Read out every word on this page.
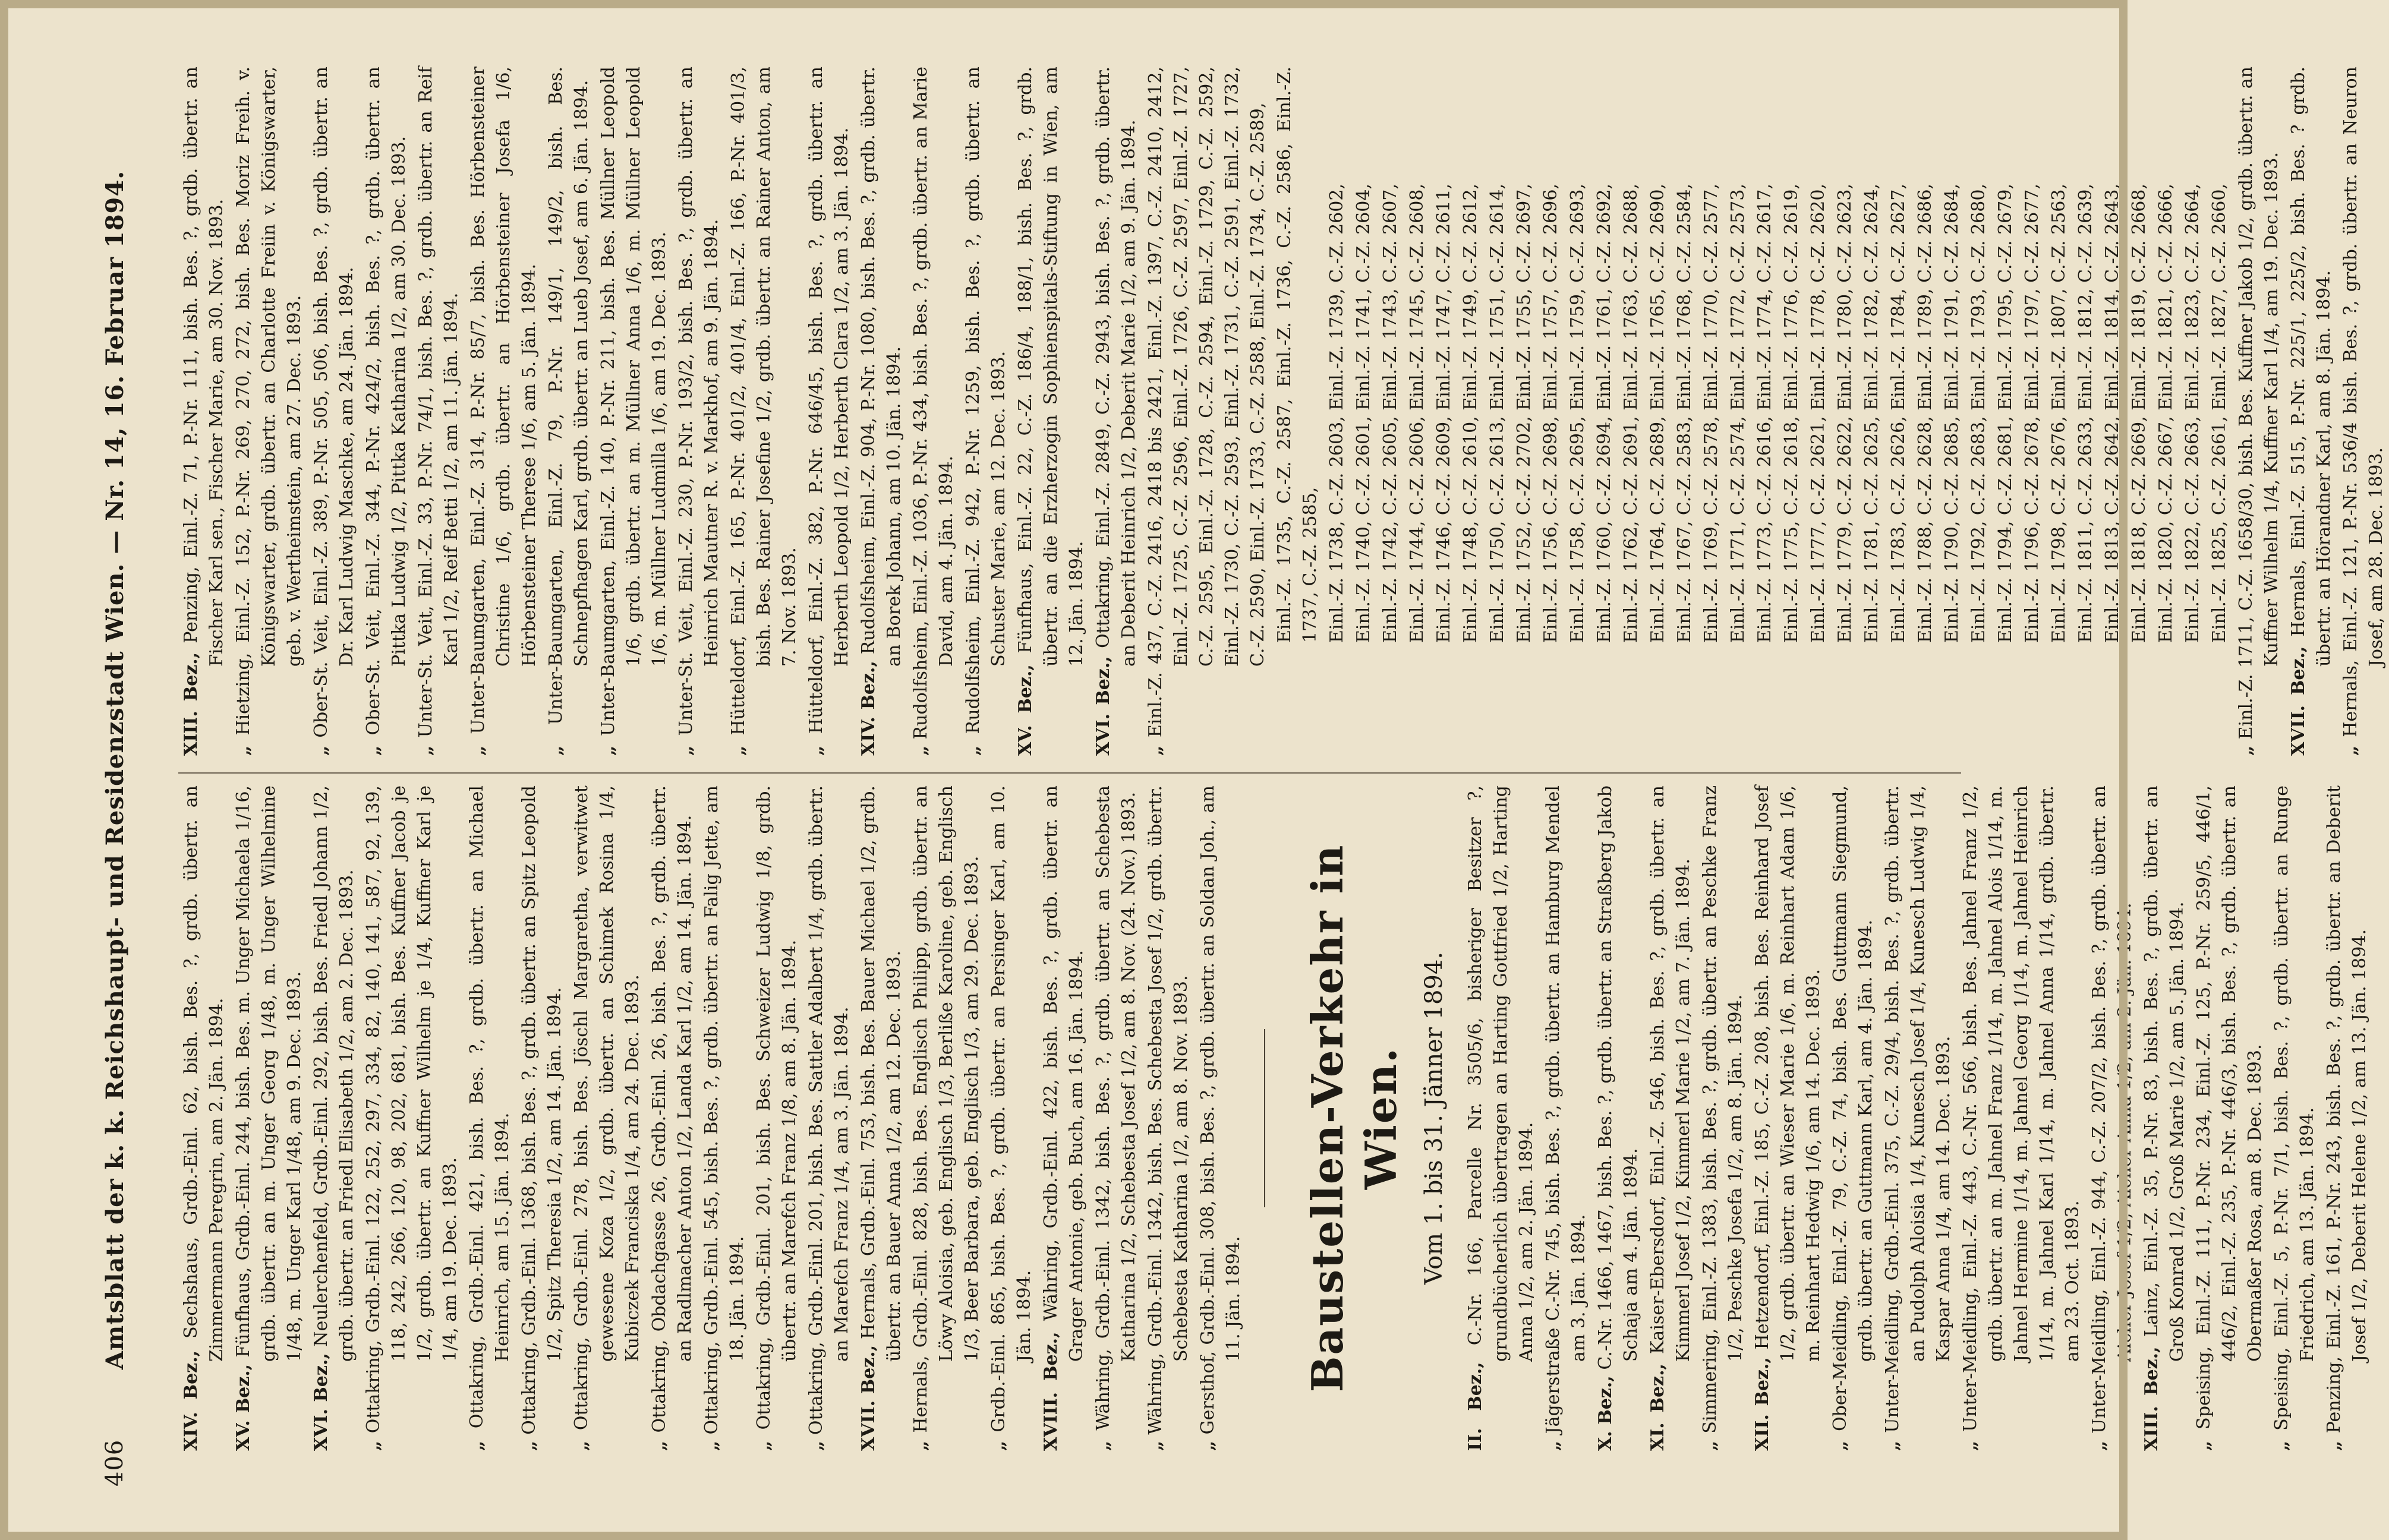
406
Amtsblatt der k. k. Reichshaupt- und Residenzstadt Wien. — Nr. 14, 16. Februar 1894.

XIV. Bez., Sechshaus, Grdb.-Einl. 62, bish. Bes. ?, grdb. übertr. an Zimmermann Peregrin, am 2. Jän. 1894.

XV. Bez., Fünfhaus, Grdb.-Einl. 244, bish. Bes. m. Unger Michaela 1/16, grdb. übertr. an m. Unger Georg 1/48, m. Unger Wilhelmine 1/48, m. Unger Karl 1/48, am 9. Dec. 1893.

XVI. Bez., Neulerchenfeld, Grdb.-Einl. 292, bish. Bes. Friedl Johann 1/2, grdb. übertr. an Friedl Elisabeth 1/2, am 2. Dec. 1893.

„ Ottakring, Grdb.-Einl. 122, 252, 297, 334, 82, 140, 141, 587, 92, 139, 118, 242, 266, 120, 98, 202, 681, bish. Bes. Kuffner Jacob je 1/2, grdb. übertr. an Kuffner Wilhelm je 1/4, Kuffner Karl je 1/4, am 19. Dec. 1893.

„ Ottakring, Grdb.-Einl. 421, bish. Bes. ?, grdb. übertr. an Michael Heinrich, am 15. Jän. 1894.

„ Ottakring, Grdb.-Einl. 1368, bish. Bes. ?, grdb. übertr. an Spitz Leopold 1/2, Spitz Theresia 1/2, am 14. Jän. 1894.

„ Ottakring, Grdb.-Einl. 278, bish. Bes. Jöschl Margaretha, verwitwet gewesene Koza 1/2, grdb. übertr. an Schimek Rosina 1/4, Kubiczek Franciska 1/4, am 24. Dec. 1893.

„ Ottakring, Obdachgasse 26, Grdb.-Einl. 26, bish. Bes. ?, grdb. übertr. an Radlmacher Anton 1/2, Landa Karl 1/2, am 14. Jän. 1894.

„ Ottakring, Grdb.-Einl. 545, bish. Bes. ?, grdb. übertr. an Falig Jette, am 18. Jän. 1894.

„ Ottakring, Grdb.-Einl. 201, bish. Bes. Schweizer Ludwig 1/8, grdb. übertr. an Marefch Franz 1/8, am 8. Jän. 1894.

„ Ottakring, Grdb.-Einl. 201, bish. Bes. Sattler Adalbert 1/4, grdb. übertr. an Marefch Franz 1/4, am 3. Jän. 1894.

XVII. Bez., Hernals, Grdb.-Einl. 753, bish. Bes. Bauer Michael 1/2, grdb. übertr. an Bauer Anna 1/2, am 12. Dec. 1893.

„ Hernals, Grdb.-Einl. 828, bish. Bes. Englisch Philipp, grdb. übertr. an Löwy Aloisia, geb. Englisch 1/3, Berliße Karoline, geb. Englisch 1/3, Beer Barbara, geb. Englisch 1/3, am 29. Dec. 1893.

„ Grdb.-Einl. 865, bish. Bes. ?, grdb. übertr. an Persinger Karl, am 10. Jän. 1894.

XVIII. Bez., Währing, Grdb.-Einl. 422, bish. Bes. ?, grdb. übertr. an Grager Antonie, geb. Buch, am 16. Jän. 1894.

„ Währing, Grdb.-Einl. 1342, bish. Bes. ?, grdb. übertr. an Schebesta Katharina 1/2, Schebesta Josef 1/2, am 8. Nov. (24. Nov.) 1893.

„ Währing, Grdb.-Einl. 1342, bish. Bes. Schebesta Josef 1/2, grdb. übertr. Schebesta Katharina 1/2, am 8. Nov. 1893.

„ Gersthof, Grdb.-Einl. 308, bish. Bes. ?, grdb. übertr. an Soldan Joh., am 11. Jän. 1894. Baustellen-Verkehr in Wien. Vom 1. bis 31. Jänner 1894.

II. Bez., C.-Nr. 166, Parcelle Nr. 3505/6, bisheriger Besitzer ?, grundbücherlich übertragen an Harting Gottfried 1/2, Harting Anna 1/2, am 2. Jän. 1894.

„ Jägerstraße C.-Nr. 745, bish. Bes. ?, grdb. übertr. an Hamburg Mendel am 3. Jän. 1894.

X. Bez., C.-Nr. 1466, 1467, bish. Bes. ?, grdb. übertr. an Straßberg Jakob Schaja am 4. Jän. 1894.

XI. Bez., Kaiser-Ebersdorf, Einl.-Z. 546, bish. Bes. ?, grdb. übertr. an Kimmerl Josef 1/2, Kimmerl Marie 1/2, am 7. Jän. 1894.

„ Simmering, Einl.-Z. 1383, bish. Bes. ?, grdb. übertr. an Peschke Franz 1/2, Peschke Josefa 1/2, am 8. Jän. 1894.

XII. Bez., Hetzendorf, Einl.-Z. 185, C.-Z. 208, bish. Bes. Reinhard Josef 1/2, grdb. übertr. an Wieser Marie 1/6, m. Reinhart Adam 1/6, m. Reinhart Hedwig 1/6, am 14. Dec. 1893.

„ Ober-Meidling, Einl.-Z. 79, C.-Z. 74, bish. Bes. Guttmann Siegmund, grdb. übertr. an Guttmann Karl, am 4. Jän. 1894.

„ Unter-Meidling, Grdb.-Einl. 375, C.-Z. 29/4, bish. Bes. ?, grdb. übertr. an Pudolph Aloisia 1/4, Kunesch Josef 1/4, Kunesch Ludwig 1/4, Kaspar Anna 1/4, am 14. Dec. 1893.

„ Unter-Meidling, Einl.-Z. 443, C.-Nr. 566, bish. Bes. Jahnel Franz 1/2, grdb. übertr. an m. Jahnel Franz 1/14, m. Jahnel Alois 1/14, m. Jahnel Hermine 1/14, m. Jahnel Georg 1/14, m. Jahnel Heinrich 1/14, m. Jahnel Karl 1/14, m. Jahnel Anna 1/14, grdb. übertr. am 23. Oct. 1893.

„ Unter-Meidling, Einl.-Z. 944, C.-Z. 207/2, bish. Bes. ?, grdb. übertr. an Aicher Josef 1/2, Aicher Anna 1/2, am 2. Jän. 1894.

XIII. Bez., Lainz, Einl.-Z. 35, P.-Nr. 83, bish. Bes. ?, grdb. übertr. an Groß Konrad 1/2, Groß Marie 1/2, am 5. Jän. 1894.

„ Speising, Einl.-Z. 111, P.-Nr. 234, Einl.-Z. 125, P.-Nr. 259/5, 446/1, 446/2, Einl.-Z. 235, P.-Nr. 446/3, bish. Bes. ?, grdb. übertr. an Obermaßer Rosa, am 8. Dec. 1893.

„ Speising, Einl.-Z. 5, P.-Nr. 7/1, bish. Bes. ?, grdb. übertr. an Runge Friedrich, am 13. Jän. 1894.

„ Penzing, Einl.-Z. 161, P.-Nr. 243, bish. Bes. ?, grdb. übertr. an Deberit Josef 1/2, Deberit Helene 1/2, am 13. Jän. 1894.

XIII. Bez., Penzing, Einl.-Z. 71, P.-Nr. 111, bish. Bes. ?, grdb. übertr. an Fischer Karl sen., Fischer Marie, am 30. Nov. 1893.

„ Hietzing, Einl.-Z. 152, P.-Nr. 269, 270, 272, bish. Bes. Moriz Freih. v. Königswarter, grdb. übertr. an Charlotte Freiin v. Königswarter, geb. v. Wertheimstein, am 27. Dec. 1893.

„ Ober-St. Veit, Einl.-Z. 389, P.-Nr. 505, 506, bish. Bes. ?, grdb. übertr. an Dr. Karl Ludwig Maschke, am 24. Jän. 1894.

„ Ober-St. Veit, Einl.-Z. 344, P.-Nr. 424/2, bish. Bes. ?, grdb. übertr. an Pittka Ludwig 1/2, Pittka Katharina 1/2, am 30. Dec. 1893.

„ Unter-St. Veit, Einl.-Z. 33, P.-Nr. 74/1, bish. Bes. ?, grdb. übertr. an Reif Karl 1/2, Reif Betti 1/2, am 11. Jän. 1894.

„ Unter-Baumgarten, Einl.-Z. 314, P.-Nr. 85/7, bish. Bes. Hörbensteiner Christine 1/6, grdb. übertr. an Hörbensteiner Josefa 1/6, Hörbensteiner Therese 1/6, am 5. Jän. 1894.

„ Unter-Baumgarten, Einl.-Z. 79, P.-Nr. 149/1, 149/2, bish. Bes. Schnepfhagen Karl, grdb. übertr. an Lueb Josef, am 6. Jän. 1894.

„ Unter-Baumgarten, Einl.-Z. 140, P.-Nr. 211, bish. Bes. Müllner Leopold 1/6, grdb. übertr. an m. Müllner Anna 1/6, m. Müllner Leopold 1/6, m. Müllner Ludmilla 1/6, am 19. Dec. 1893.

„ Unter-St. Veit, Einl.-Z. 230, P.-Nr. 193/2, bish. Bes. ?, grdb. übertr. an Heinrich Mautner R. v. Markhof, am 9. Jän. 1894.

„ Hütteldorf, Einl.-Z. 165, P.-Nr. 401/2, 401/4, Einl.-Z. 166, P.-Nr. 401/3, bish. Bes. Rainer Josefine 1/2, grdb. übertr. an Rainer Anton, am 7. Nov. 1893.

„ Hütteldorf, Einl.-Z. 382, P.-Nr. 646/45, bish. Bes. ?, grdb. übertr. an Herberth Leopold 1/2, Herberth Clara 1/2, am 3. Jän. 1894.

XIV. Bez., Rudolfsheim, Einl.-Z. 904, P.-Nr. 1080, bish. Bes. ?, grdb. übertr. an Borek Johann, am 10. Jän. 1894.

„ Rudolfsheim, Einl.-Z. 1036, P.-Nr. 434, bish. Bes. ?, grdb. übertr. an Marie David, am 4. Jän. 1894.

„ Rudolfsheim, Einl.-Z. 942, P.-Nr. 1259, bish. Bes. ?, grdb. übertr. an Schuster Marie, am 12. Dec. 1893.

XV. Bez., Fünfhaus, Einl.-Z. 22, C.-Z. 186/4, 188/1, bish. Bes. ?, grdb. übertr. an die Erzherzogin Sophienspitals-Stiftung in Wien, am 12. Jän. 1894.

XVI. Bez., Ottakring, Einl.-Z. 2849, C.-Z. 2943, bish. Bes. ?, grdb. übertr. an Deberit Heinrich 1/2, Deberit Marie 1/2, am 9. Jän. 1894.

„ Einl.-Z. 437, C.-Z. 2416, 2418 bis 2421, Einl.-Z. 1397, C.-Z. 2410, 2412, Einl.-Z. 1725, C.-Z. 2596, Einl.-Z. 1726, C.-Z. 2597, Einl.-Z. 1727, C.-Z. 2595, Einl.-Z. 1728, C.-Z. 2594, Einl.-Z. 1729, C.-Z. 2592, Einl.-Z. 1730, C.-Z. 2593, Einl.-Z. 1731, C.-Z. 2591, Einl.-Z. 1732, C.-Z. 2590, Einl.-Z. 1733, C.-Z. 2588, Einl.-Z. 1734, C.-Z. 2589, Einl.-Z. 1735, C.-Z. 2587, Einl.-Z. 1736, C.-Z. 2586, Einl.-Z. 1737, C.-Z. 2585, Einl.-Z. 1738, C.-Z. 2603, Einl.-Z. 1739, C.-Z. 2602, Einl.-Z. 1740, C.-Z. 2601, Einl.-Z. 1741, C.-Z. 2604, Einl.-Z. 1742, C.-Z. 2605, Einl.-Z. 1743, C.-Z. 2607, Einl.-Z. 1744, C.-Z. 2606, Einl.-Z. 1745, C.-Z. 2608, Einl.-Z. 1746, C.-Z. 2609, Einl.-Z. 1747, C.-Z. 2611, Einl.-Z. 1748, C.-Z. 2610, Einl.-Z. 1749, C.-Z. 2612, Einl.-Z. 1750, C.-Z. 2613, Einl.-Z. 1751, C.-Z. 2614, Einl.-Z. 1752, C.-Z. 2702, Einl.-Z. 1755, C.-Z. 2697, Einl.-Z. 1756, C.-Z. 2698, Einl.-Z. 1757, C.-Z. 2696, Einl.-Z. 1758, C.-Z. 2695, Einl.-Z. 1759, C.-Z. 2693, Einl.-Z. 1760, C.-Z. 2694, Einl.-Z. 1761, C.-Z. 2692, Einl.-Z. 1762, C.-Z. 2691, Einl.-Z. 1763, C.-Z. 2688, Einl.-Z. 1764, C.-Z. 2689, Einl.-Z. 1765, C.-Z. 2690, Einl.-Z. 1767, C.-Z. 2583, Einl.-Z. 1768, C.-Z. 2584, Einl.-Z. 1769, C.-Z. 2578, Einl.-Z. 1770, C.-Z. 2577, Einl.-Z. 1771, C.-Z. 2574, Einl.-Z. 1772, C.-Z. 2573, Einl.-Z. 1773, C.-Z. 2616, Einl.-Z. 1774, C.-Z. 2617, Einl.-Z. 1775, C.-Z. 2618, Einl.-Z. 1776, C.-Z. 2619, Einl.-Z. 1777, C.-Z. 2621, Einl.-Z. 1778, C.-Z. 2620, Einl.-Z. 1779, C.-Z. 2622, Einl.-Z. 1780, C.-Z. 2623, Einl.-Z. 1781, C.-Z. 2625, Einl.-Z. 1782, C.-Z. 2624, Einl.-Z. 1783, C.-Z. 2626, Einl.-Z. 1784, C.-Z. 2627, Einl.-Z. 1788, C.-Z. 2628, Einl.-Z. 1789, C.-Z. 2686, Einl.-Z. 1790, C.-Z. 2685, Einl.-Z. 1791, C.-Z. 2684, Einl.-Z. 1792, C.-Z. 2683, Einl.-Z. 1793, C.-Z. 2680, Einl.-Z. 1794, C.-Z. 2681, Einl.-Z. 1795, C.-Z. 2679, Einl.-Z. 1796, C.-Z. 2678, Einl.-Z. 1797, C.-Z. 2677, Einl.-Z. 1798, C.-Z. 2676, Einl.-Z. 1807, C.-Z. 2563, Einl.-Z. 1811, C.-Z. 2633, Einl.-Z. 1812, C.-Z. 2639, Einl.-Z. 1813, C.-Z. 2642, Einl.-Z. 1814, C.-Z. 2643, Einl.-Z. 1818, C.-Z. 2669, Einl.-Z. 1819, C.-Z. 2668, Einl.-Z. 1820, C.-Z. 2667, Einl.-Z. 1821, C.-Z. 2666, Einl.-Z. 1822, C.-Z. 2663, Einl.-Z. 1823, C.-Z. 2664, Einl.-Z. 1825, C.-Z. 2661, Einl.-Z. 1827, C.-Z. 2660,

„ Einl.-Z. 1711, C.-Z. 1658/30, bish. Bes. Kuffner Jakob 1/2, grdb. übertr. an Kuffner Wilhelm 1/4, Kuffner Karl 1/4, am 19. Dec. 1893.

XVII. Bez., Hernals, Einl.-Z. 515, P.-Nr. 225/1, 225/2, bish. Bes. ? grdb. übertr. an Hörandner Karl, am 8. Jän. 1894.

„ Hernals, Einl.-Z. 121, P.-Nr. 536/4 bish. Bes. ?, grdb. übertr. an Neuron Josef, am 28. Dec. 1893.
